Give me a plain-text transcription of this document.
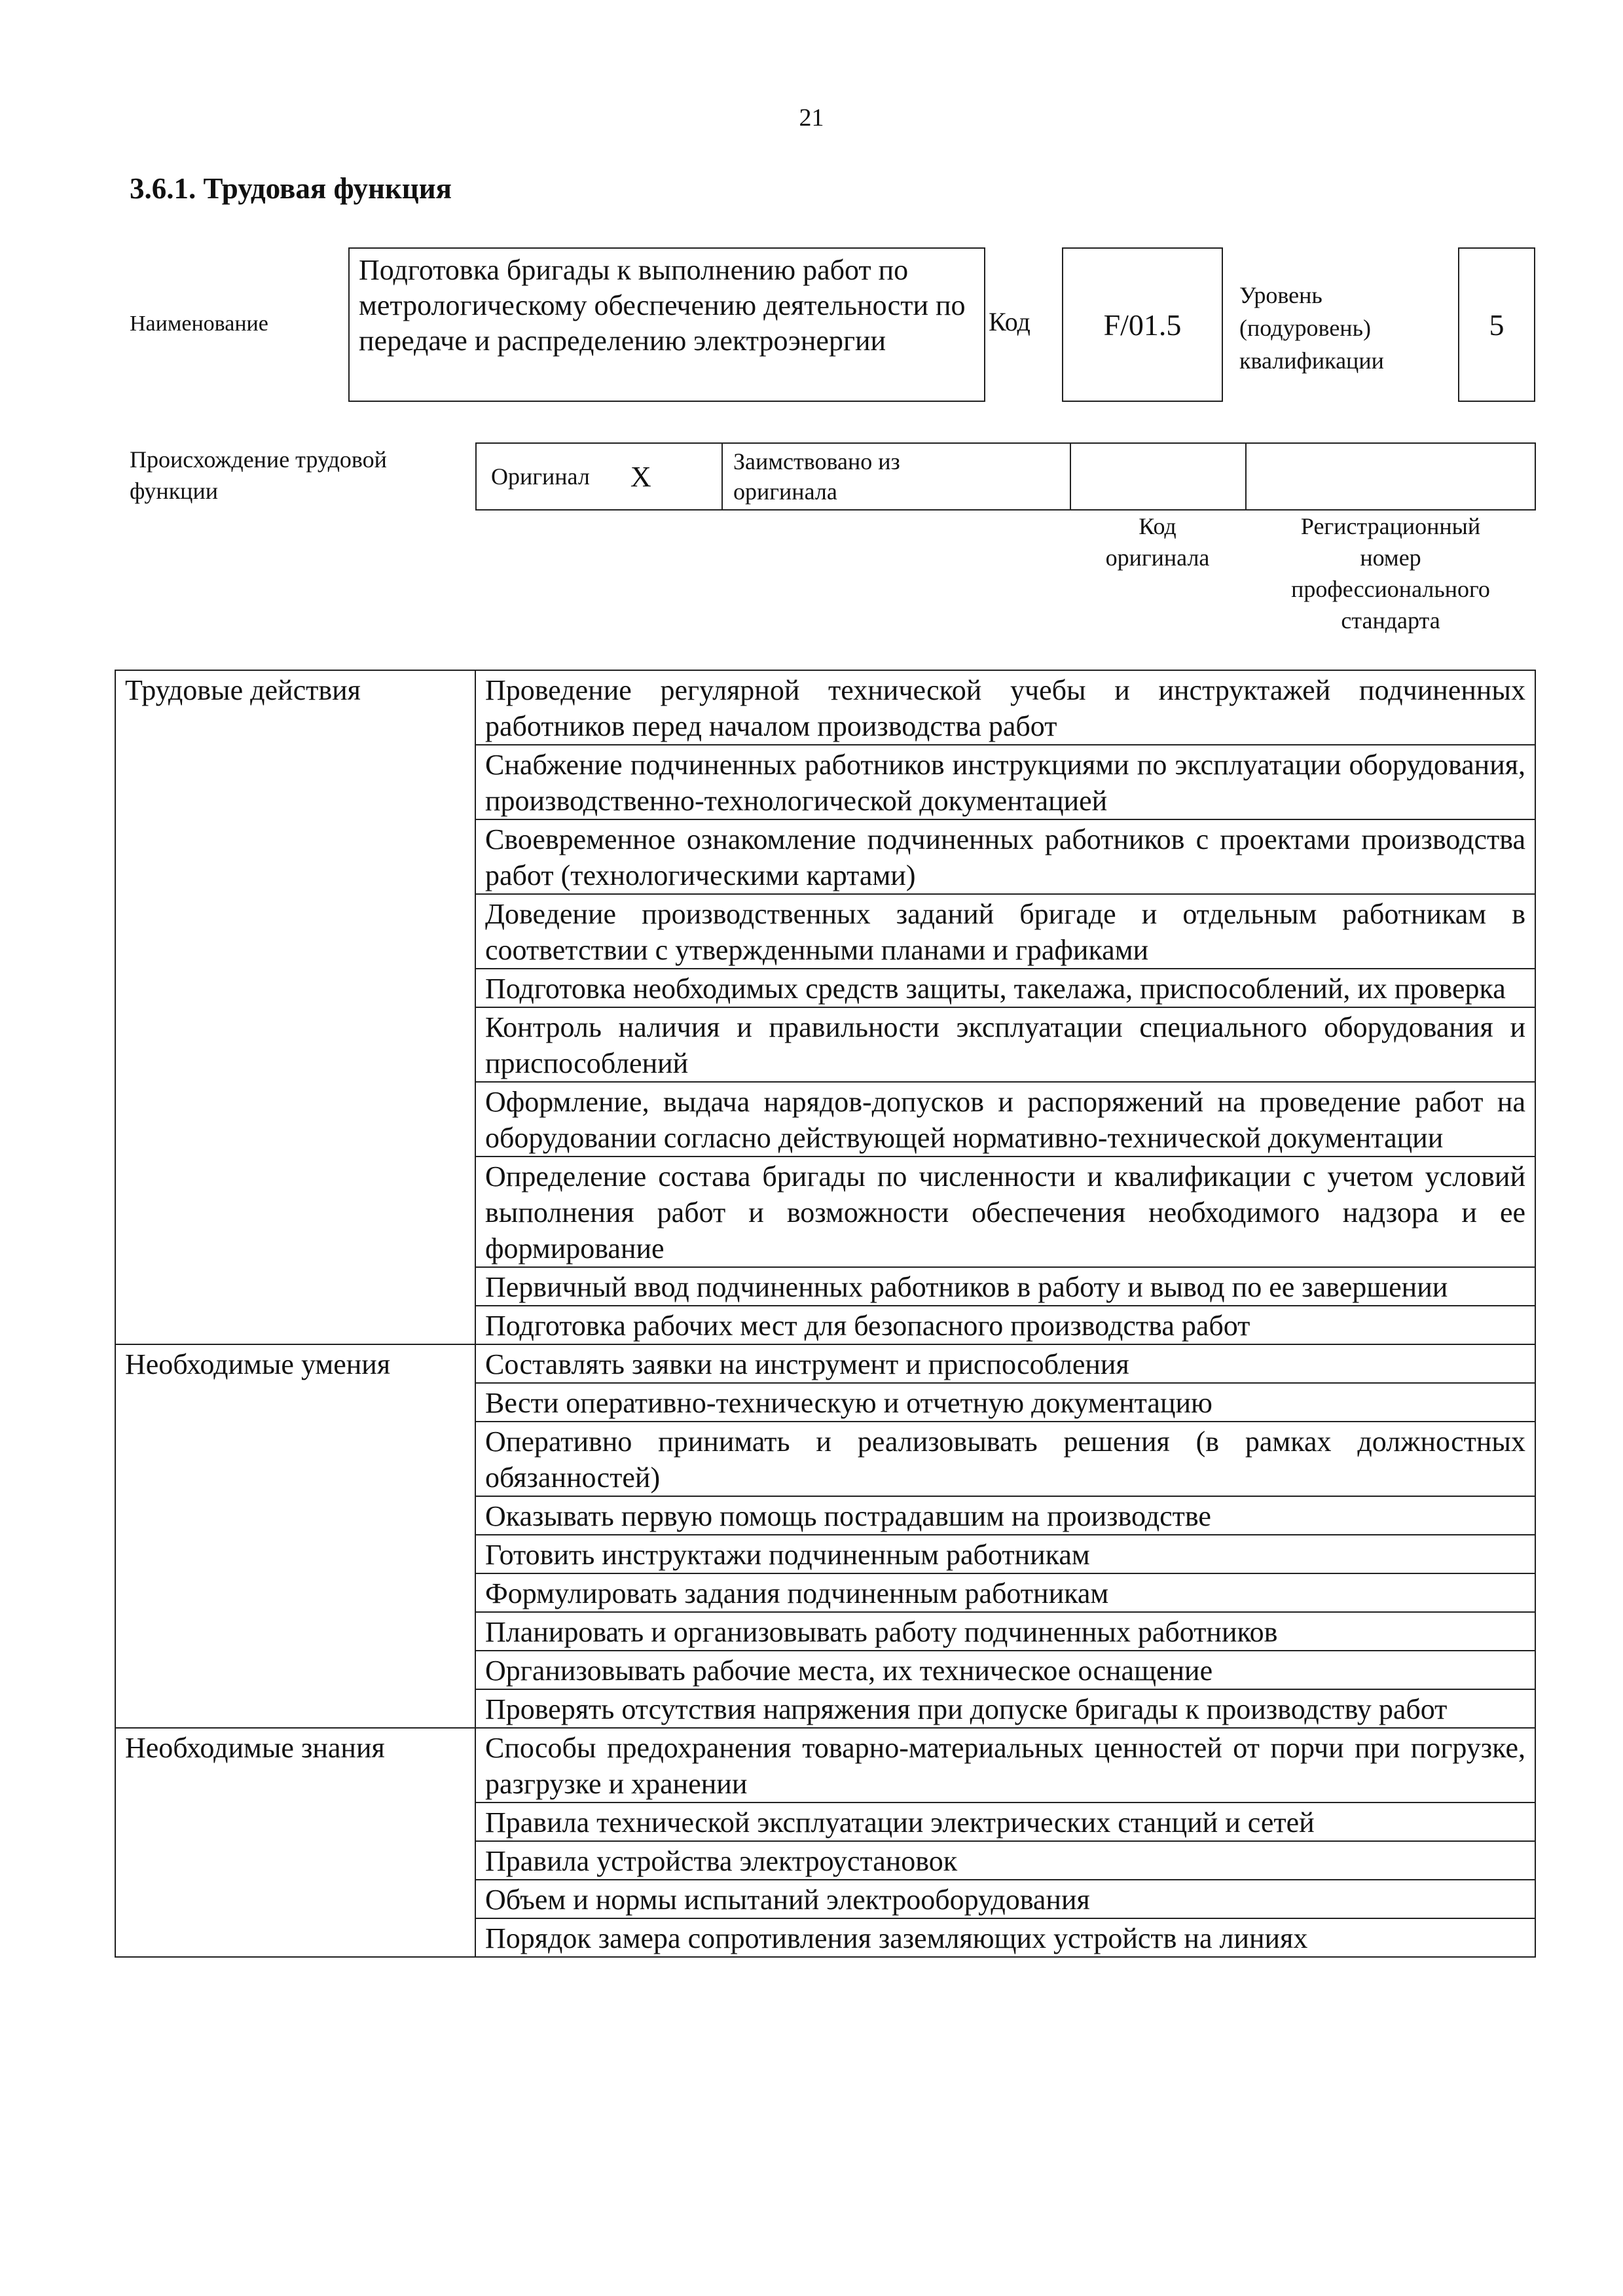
21
3.6.1. Трудовая функция
Наименование
Подготовка бригады к выполнению работ по метрологическому обеспечению деятельности по передаче и распределению электроэнергии
Код	F/01.5
Уровень
(подуровень)
квалификации
5
Происхождение трудовой
функции
Оригинал X	Заимствовано из
оригинала
Код
оригинала
Регистрационный
номер
профессионального
стандарта
Трудовые действия	Проведение регулярной технической учебы и инструктажей подчиненных работников перед началом производства работ
	Снабжение подчиненных работников инструкциями по эксплуатации оборудования, производственно-технологической документацией
	Своевременное ознакомление подчиненных работников с проектами производства работ (технологическими картами)
	Доведение производственных заданий бригаде и отдельным работникам в соответствии с утвержденными планами и графиками
	Подготовка необходимых средств защиты, такелажа, приспособлений, их проверка
	Контроль наличия и правильности эксплуатации специального оборудования и приспособлений
	Оформление, выдача нарядов-допусков и распоряжений на проведение работ на оборудовании согласно действующей нормативно-технической документации
	Определение состава бригады по численности и квалификации с учетом условий выполнения работ и возможности обеспечения необходимого надзора и ее формирование
	Первичный ввод подчиненных работников в работу и вывод по ее завершении
	Подготовка рабочих мест для безопасного производства работ
Необходимые умения	Составлять заявки на инструмент и приспособления
	Вести оперативно-техническую и отчетную документацию
	Оперативно принимать и реализовывать решения (в рамках должностных обязанностей)
	Оказывать первую помощь пострадавшим на производстве
	Готовить инструктажи подчиненным работникам
	Формулировать задания подчиненным работникам
	Планировать и организовывать работу подчиненных работников
	Организовывать рабочие места, их техническое оснащение
	Проверять отсутствия напряжения при допуске бригады к производству работ
Необходимые знания	Способы предохранения товарно-материальных ценностей от порчи при погрузке, разгрузке и хранении
	Правила технической эксплуатации электрических станций и сетей
	Правила устройства электроустановок
	Объем и нормы испытаний электрооборудования
	Порядок замера сопротивления заземляющих устройств на линиях
